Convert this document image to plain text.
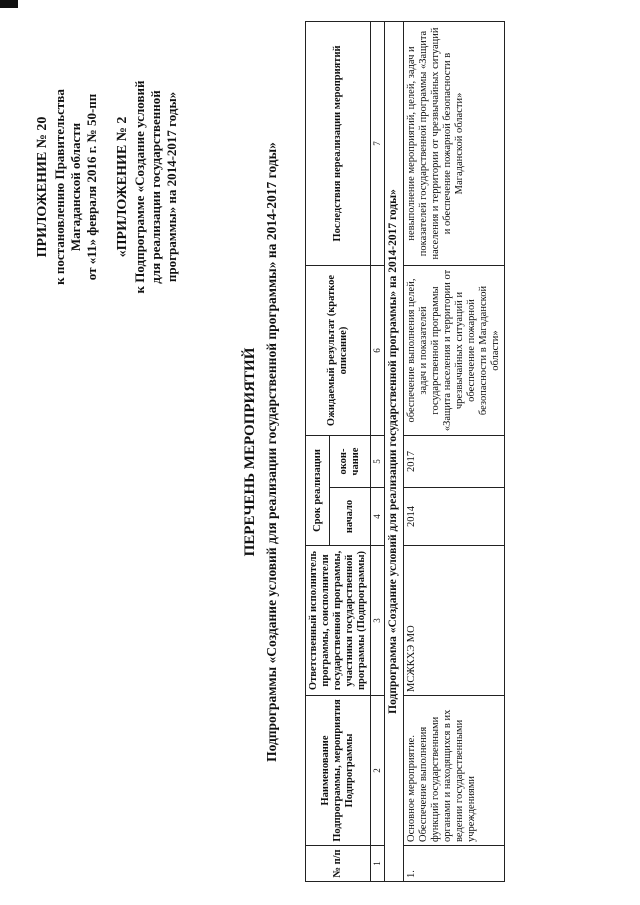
ПРИЛОЖЕНИЕ № 20 к постановлению Правительства Магаданской области от «11» февраля 2016 г. № 50-пп «ПРИЛОЖЕНИЕ № 2 к Подпрограмме «Создание условий для реализации государственной программы» на 2014-2017 годы»
ПЕРЕЧЕНЬ МЕРОПРИЯТИЙ Подпрограммы «Создание условий для реализации государственной программы» на 2014-2017 годы»
№ п/п	Наименование Подпрограммы, мероприятия Подпрограммы	Ответственный исполнитель программы, соисполнители государственной программы, участники государственной программы (Подпрограммы)	Срок реализации		Ожидаемый результат (краткое описание)	Последствия нереализации мероприятий
			начало	окон- чание		
1	2	3	4	5	6	7
Подпрограмма «Создание условий для реализации государственной программы» на 2014-2017 годы»						
1.	Основное мероприятие. Обеспечение выполнения функций государственными органами и находящихся в их ведении государственными учреждениями	МСЖКХЭ МО	2014	2017	обеспечение выполнения целей, задач и показателей государственной программы «Защита населения и территории от чрезвычайных ситуаций и обеспечение пожарной безопасности в Магаданской области»	невыполнение мероприятий, целей, задач и показателей государственной программы «Защита населения и территории от чрезвычайных ситуаций и обеспечение пожарной безопасности в Магаданской области»
